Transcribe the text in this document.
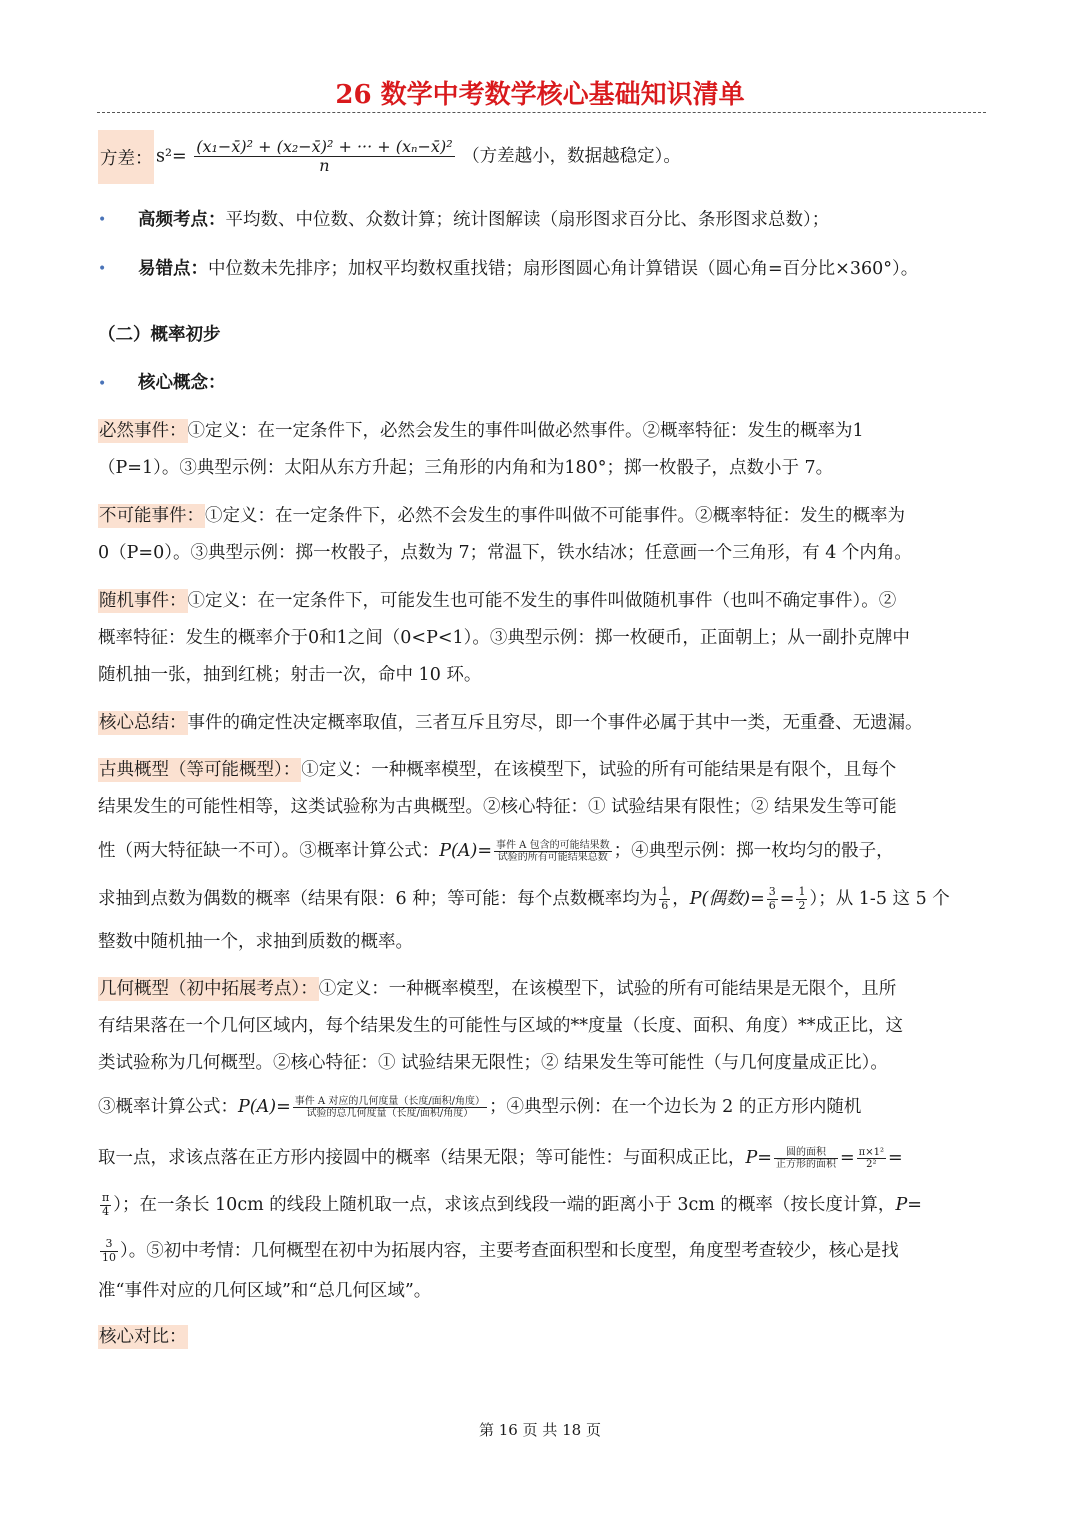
26 数学中考数学核心基础知识清单
方差： $s^2= \frac{\text{(x₁−x̄)² + (x₂−x̄)² + ··· + (xₙ−x̄)²}}{n}$ （方差越小，数据越稳定）。
• 高频考点：平均数、中位数、众数计算；统计图解读（扇形图求百分比、条形图求总数）；
• 易错点：中位数未先排序；加权平均数权重找错；扇形图圆心角计算错误（圆心角=百分比×360°）。
（二）概率初步
• 核心概念：
必然事件：①定义：在一定条件下，必然会发生的事件叫做必然事件。②概率特征：发生的概率为1
（P=1）。③典型示例：太阳从东方升起；三角形的内角和为180°；掷一枚骰子，点数小于 7。
不可能事件：①定义：在一定条件下，必然不会发生的事件叫做不可能事件。②概率特征：发生的概率为
0（P=0）。③典型示例：掷一枚骰子，点数为 7；常温下，铁水结冰；任意画一个三角形，有 4 个内角。
随机事件：①定义：在一定条件下，可能发生也可能不发生的事件叫做随机事件（也叫不确定事件）。②
概率特征：发生的概率介于0和1之间（0<P<1）。③典型示例：掷一枚硬币，正面朝上；从一副扑克牌中
随机抽一张，抽到红桃；射击一次，命中 10 环。
核心总结：事件的确定性决定概率取值，三者互斥且穷尽，即一个事件必属于其中一类，无重叠、无遗漏。
古典概型（等可能概型）：①定义：一种概率模型，在该模型下，试验的所有可能结果是有限个，且每个
结果发生的可能性相等，这类试验称为古典概型。②核心特征：① 试验结果有限性；② 结果发生等可能
性（两大特征缺一不可）。③概率计算公式：$P(A)= \frac{\text{事件 A 包含的可能结果数}}{\text{试验的所有可能结果总数}}$ ；④典型示例：掷一枚均匀的骰子，
求抽到点数为偶数的概率（结果有限：6 种；等可能：每个点数概率均为 $\frac{1}{6}$ ，P(偶数)= $\frac{3}{6} = \frac{1}{2}$ ）；从 1-5 这 5 个
整数中随机抽一个，求抽到质数的概率。
几何概型（初中拓展考点）：①定义：一种概率模型，在该模型下，试验的所有可能结果是无限个，且所
有结果落在一个几何区域内，每个结果发生的可能性与区域的**度量（长度、面积、角度）**成正比，这
类试验称为几何概型。②核心特征：① 试验结果无限性；② 结果发生等可能性（与几何度量成正比）。
③概率计算公式：$P(A)= \frac{\text{事件 A 对应的几何度量（长度/面积/角度）}}{\text{试验的总几何度量（长度/面积/角度）}}$ ；④典型示例：在一个边长为 2 的正方形内随机
取一点，求该点落在正方形内接圆中的概率（结果无限；等可能性：与面积成正比，$P= \frac{\text{圆的面积}}{\text{正方形的面积}} = \frac{\text{π×1²}}{\text{2²}}$ =
$\frac{\pi}{4}$ ）；在一条长 10cm 的线段上随机取一点，求该点到线段一端的距离小于 3cm 的概率（按长度计算，P=
$\frac{3}{10}$ ）。⑤初中考情：几何概型在初中为拓展内容，主要考查面积型和长度型，角度型考查较少，核心是找
准“事件对应的几何区域”和“总几何区域”。
核心对比：
第 16 页 共 18 页
